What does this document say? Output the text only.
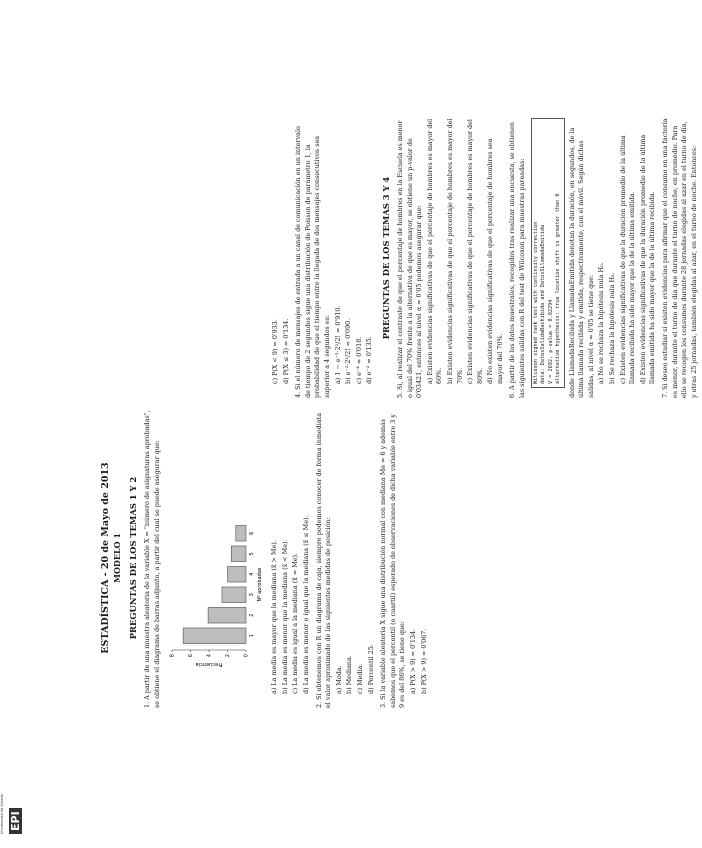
Universidad de Oviedo EPI
ESTADÍSTICA - 20 de Mayo de 2013 MODELO 1 PREGUNTAS DE LOS TEMAS 1 Y 2 1. A partir de una muestra aleatoria de la variable X = "número de asignaturas aprobadas", se obtiene el diagrama de barras adjunto, a partir del cual se puede asegurar que:	0
2
4
6
8
Frecuencia
1
2
3
4
5
6
Nº aprobadas a) La media es mayor que la mediana (x̄ > Me). b) La media es menor que la mediana (x̄ < Me). c) La media es igual a la mediana (x̄ = Me). d) La media es menor o igual que la mediana (x̄ ≤ Me). 2. Si obtenemos con R un diagrama de caja, siempre podemos conocer de forma inmediata el valor aproximado de las siguientes medidas de posición: a) Moda. b) Mediana. c) Media. d) Percentil 25. 3. Si la variable aleatoria X sigue una distribución normal con mediana Me = 6 y además sabemos que el percentil (o cuartil) esperado de observaciones de dicha variable entre 3 y 9 es del 86%, se tiene que: a) P(X > 9) = 0'134. b) P(X > 9) = 0'067.
c) P(X < 9) = 0'933. d) P(X ≤ 3) = 0'134. 4. Si el número de mensajes de entrada a un canal de comunicación en un intervalo de tiempo de 2 segundos sigue una distribución de Poisson de parámetro 1, la probabilidad de que el tiempo entre la llegada de dos mensajes consecutivos sea superior a 4 segundos es: a) 1 − e⁻²·2²/2! = 0'910. b) e⁻²·2²/2! = 0'090. c) e⁻⁴ = 0'018. d) e⁻² = 0'135.
PREGUNTAS DE LOS TEMAS 3 Y 4 5. Si, al realizar el contraste de que el porcentaje de hombres en la Escuela es menor o igual del 70% frente a la alternativa de que es mayor, se obtiene un p-valor de 0'03421, entonces al nivel α = 0'05 podemos asegurar que: a) Existen evidencias significativas de que el porcentaje de hombres es mayor del 60%. b) Existen evidencias significativas de que el porcentaje de hombres es mayor del 70%. c) Existen evidencias significativas de que el porcentaje de hombres es mayor del 80%. d) No existen evidencias significativas de que el porcentaje de hombres sea mayor del 70%. 6. A partir de los datos muestrales, recogidos tras realizar una encuesta, se obtienen las siguientes salidas con R del test de Wilcoxon para muestras pareadas:	Wilcoxon signed rank test with continuity correction data: DatosSalidaBachibida and DatosSLlamadaEmitida V = 2692, p-value = 0.02294 alternative hypothesis: true location shift is greater than 0 donde LlamadaRecibida y LlamadaEmitida denotan la duración, en segundos, de la última llamada recibida y emitida, respectivamente, con el móvil. Según dichas salidas, al nivel α = 0'05 se tiene que: a) No se rechaza la hipótesis nula H₀. b) Se rechaza la hipótesis nula H₀. c) Existen evidencias significativas de que la duración promedio de la última llamada recibida ha sido mayor que la de la última emitida. d) Existen evidencias significativas de que la duración promedio de la última llamada emitida ha sido mayor que la de la última recibida. 7. Si deseo estudiar si existen evidencias para afirmar que el consumo en una factoría es menor, durante el turno de día que durante el turno de noche, en promedio. Para ello se recogen los consumos durante 28 jornadas elegidas al azar en el turno de día, y otras 25 jornadas, también elegidas al azar, en el turno de noche. Entonces:
